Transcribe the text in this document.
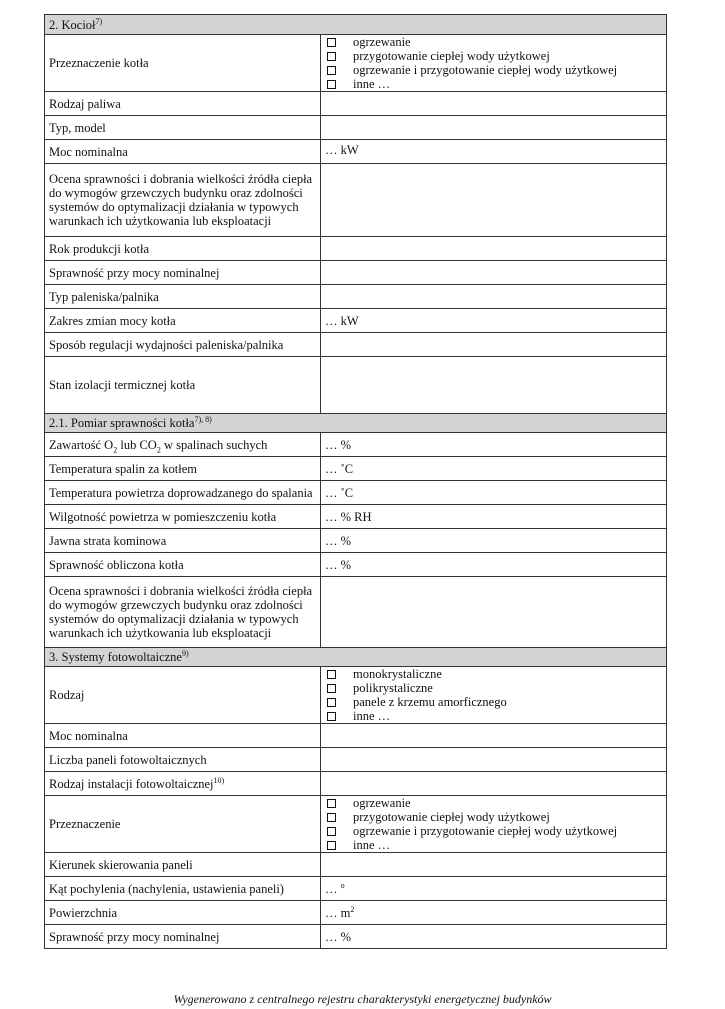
2. Kocioł$^{7)}$
Przeznaczenie kotła	ogrzewanie
przygotowanie ciepłej wody użytkowej
ogrzewanie i przygotowanie ciepłej wody użytkowej
inne …

Rodzaj paliwa	
Typ, model	
Moc nominalna	… kW
Ocena sprawności i dobrania wielkości źródła ciepła do wymogów grzewczych budynku oraz zdolności systemów do optymalizacji działania w typowych warunkach ich użytkowania lub eksploatacji	
Rok produkcji kotła	
Sprawność przy mocy nominalnej	
Typ paleniska/palnika	
Zakres zmian mocy kotła	… kW
Sposób regulacji wydajności paleniska/palnika	
Stan izolacji termicznej kotła	
2.1. Pomiar sprawności kotła$^{7), 8)}$
Zawartość $O_2$ lub $CO_2$ w spalinach suchych	… %
Temperatura spalin za kotłem	… ˚C
Temperatura powietrza doprowadzanego do spalania	… ˚C
Wilgotność powietrza w pomieszczeniu kotła	… % RH
Jawna strata kominowa	… %
Sprawność obliczona kotła	… %
Ocena sprawności i dobrania wielkości źródła ciepła do wymogów grzewczych budynku oraz zdolności systemów do optymalizacji działania w typowych warunkach ich użytkowania lub eksploatacji	
3. Systemy fotowoltaiczne$^{9)}$
Rodzaj	monokrystaliczne
polikrystaliczne
panele z krzemu amorficznego
inne …

Moc nominalna	
Liczba paneli fotowoltaicznych	
Rodzaj instalacji fotowoltaicznej$^{10)}$	
Przeznaczenie	ogrzewanie
przygotowanie ciepłej wody użytkowej
ogrzewanie i przygotowanie ciepłej wody użytkowej
inne …

Kierunek skierowania paneli	
Kąt pochylenia (nachylenia, ustawienia paneli)	… $^o$
Powierzchnia	… $m^2$
Sprawność przy mocy nominalnej	… %
Wygenerowano z centralnego rejestru charakterystyki energetycznej budynków
